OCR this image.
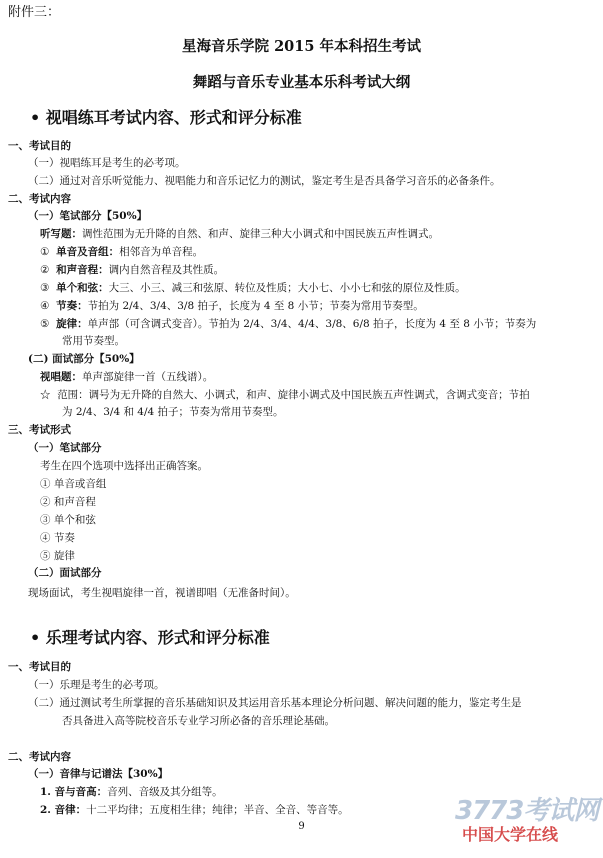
附件三：
星海音乐学院 2015 年本科招生考试
舞蹈与音乐专业基本乐科考试大纲
• 视唱练耳考试内容、形式和评分标准
一、考试目的
（一）视唱练耳是考生的必考项。
（二）通过对音乐听觉能力、视唱能力和音乐记忆力的测试，鉴定考生是否具备学习音乐的必备条件。
二、考试内容
（一）笔试部分【50%】
听写题：调性范围为无升降的自然、和声、旋律三种大小调式和中国民族五声性调式。
① 单音及音组：相邻音为单音程。
② 和声音程：调内自然音程及其性质。
③ 单个和弦：大三、小三、减三和弦原、转位及性质；大小七、小小七和弦的原位及性质。
④ 节奏：节拍为 2/4、3/4、3/8 拍子，长度为 4 至 8 小节；节奏为常用节奏型。
⑤ 旋律：单声部（可含调式变音）。节拍为 2/4、3/4、4/4、3/8、6/8 拍子，长度为 4 至 8 小节；节奏为
常用节奏型。
(二) 面试部分【50%】
视唱题：单声部旋律一首（五线谱）。
☆ 范围：调号为无升降的自然大、小调式，和声、旋律小调式及中国民族五声性调式，含调式变音；节拍
为 2/4、3/4 和 4/4 拍子；节奏为常用节奏型。
三、考试形式
（一）笔试部分
考生在四个选项中选择出正确答案。
① 单音或音组
② 和声音程
③ 单个和弦
④ 节奏
⑤ 旋律
（二）面试部分
现场面试，考生视唱旋律一首，视谱即唱（无准备时间）。
• 乐理考试内容、形式和评分标准
一、考试目的
（一）乐理是考生的必考项。
（二）通过测试考生所掌握的音乐基础知识及其运用音乐基本理论分析问题、解决问题的能力，鉴定考生是
否具备进入高等院校音乐专业学习所必备的音乐理论基础。
二、考试内容
（一）音律与记谱法【30%】
1. 音与音高：音列、音级及其分组等。
2. 音律：十二平均律；五度相生律；纯律；半音、全音、等音等。
9
3773考试网
中国大学在线
